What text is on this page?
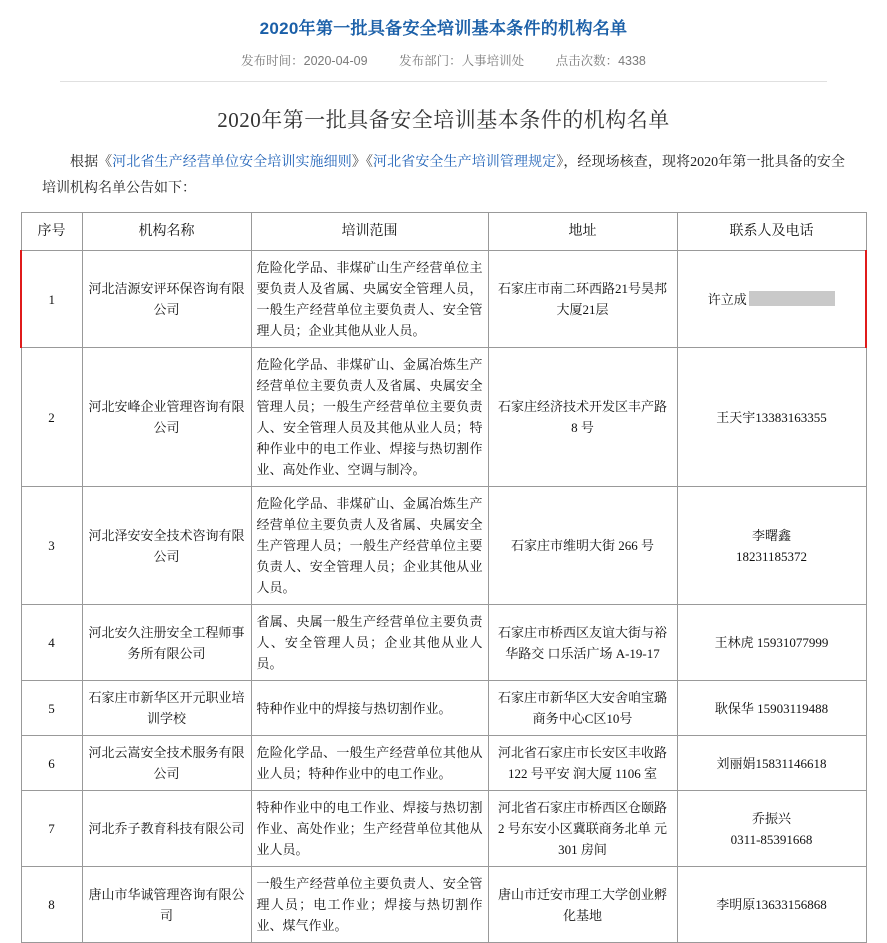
2020年第一批具备安全培训基本条件的机构名单
发布时间：2020-04-09	发布部门：人事培训处	点击次数：4338
2020年第一批具备安全培训基本条件的机构名单

根据《河北省生产经营单位安全培训实施细则》《河北省安全生产培训管理规定》，经现场核查，现将2020年第一批具备的安全培训机构名单公告如下：

序号	机构名称	培训范围	地址	联系人及电话
1	河北洁源安评环保咨询有限公司	危险化学品、非煤矿山生产经营单位主要负责人及省属、央属安全管理人员，一般生产经营单位主要负责人、安全管理人员；企业其他从业人员。	石家庄市南二环西路21号昊邦大厦21层	许立成
2	河北安峰企业管理咨询有限公司	危险化学品、非煤矿山、金属冶炼生产经营单位主要负责人及省属、央属安全管理人员；一般生产经营单位主要负责人、安全管理人员及其他从业人员；特种作业中的电工作业、焊接与热切割作业、高处作业、空调与制冷。	石家庄经济技术开发区丰产路 8 号	王天宇13383163355
3	河北泽安安全技术咨询有限公司	危险化学品、非煤矿山、金属冶炼生产经营单位主要负责人及省属、央属安全生产管理人员；一般生产经营单位主要负责人、安全管理人员；企业其他从业人员。	石家庄市维明大街 266 号	李曙鑫
18231185372
4	河北安久注册安全工程师事务所有限公司	省属、央属一般生产经营单位主要负责人、安全管理人员；企业其他从业人员。	石家庄市桥西区友谊大街与裕华路交 口乐活广场 A-19-17	王林虎 15931077999
5	石家庄市新华区开元职业培训学校	特种作业中的焊接与热切割作业。	石家庄市新华区大安舍咱宝璐商务中心C区10号	耿保华 15903119488
6	河北云嵩安全技术服务有限公司	危险化学品、一般生产经营单位其他从业人员；特种作业中的电工作业。	河北省石家庄市长安区丰收路 122 号平安 润大厦 1106 室	刘丽娟15831146618
7	河北乔子教育科技有限公司	特种作业中的电工作业、焊接与热切割作业、高处作业；生产经营单位其他从业人员。	河北省石家庄市桥西区仓颐路 2 号东安小区冀联商务北单 元 301 房间	乔振兴
0311-85391668
8	唐山市华诚管理咨询有限公司	一般生产经营单位主要负责人、安全管理人员；电工作业；焊接与热切割作业、煤气作业。	唐山市迁安市理工大学创业孵化基地	李明原13633156868
